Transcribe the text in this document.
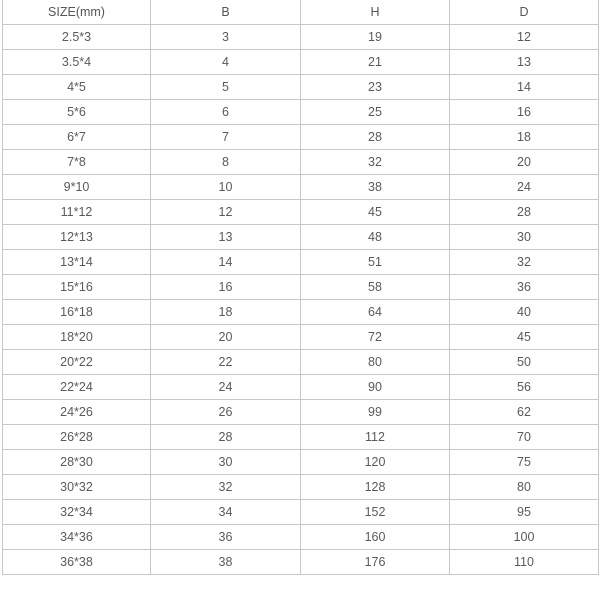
SIZE(mm)	B	H	D
2.5*3	3	19	12
3.5*4	4	21	13
4*5	5	23	14
5*6	6	25	16
6*7	7	28	18
7*8	8	32	20
9*10	10	38	24
11*12	12	45	28
12*13	13	48	30
13*14	14	51	32
15*16	16	58	36
16*18	18	64	40
18*20	20	72	45
20*22	22	80	50
22*24	24	90	56
24*26	26	99	62
26*28	28	112	70
28*30	30	120	75
30*32	32	128	80
32*34	34	152	95
34*36	36	160	100
36*38	38	176	110
